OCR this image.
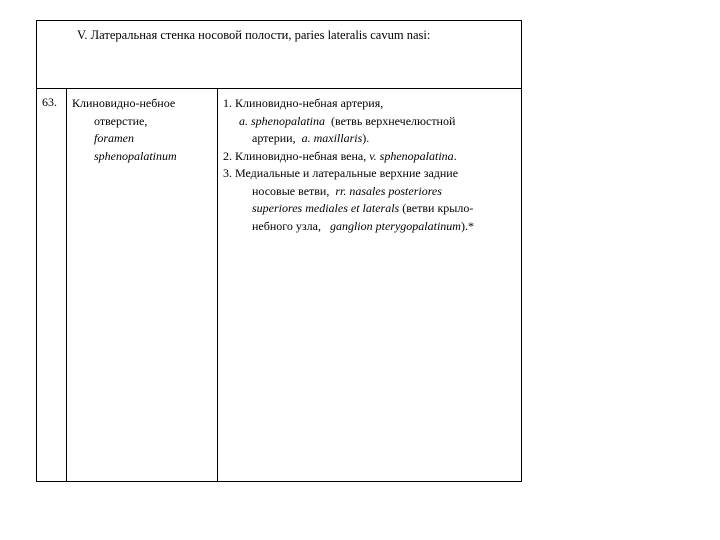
V. Латеральная стенка носовой полости, paries lateralis cavum nasi:
63. Клиновидно-небное
отверстие,
foramen
sphenopalatinum
1. Клиновидно-небная артерия,
a. sphenopalatina (ветвь верхнечелюстной
артерии, a. maxillaris).
2. Клиновидно-небная вена, v. sphenopalatina.
3. Медиальные и латеральные верхние задние
носовые ветви, rr. nasales posteriores
superiores mediales et laterals (ветви крыло-
небного узла, ganglion pterygopalatinum).*
